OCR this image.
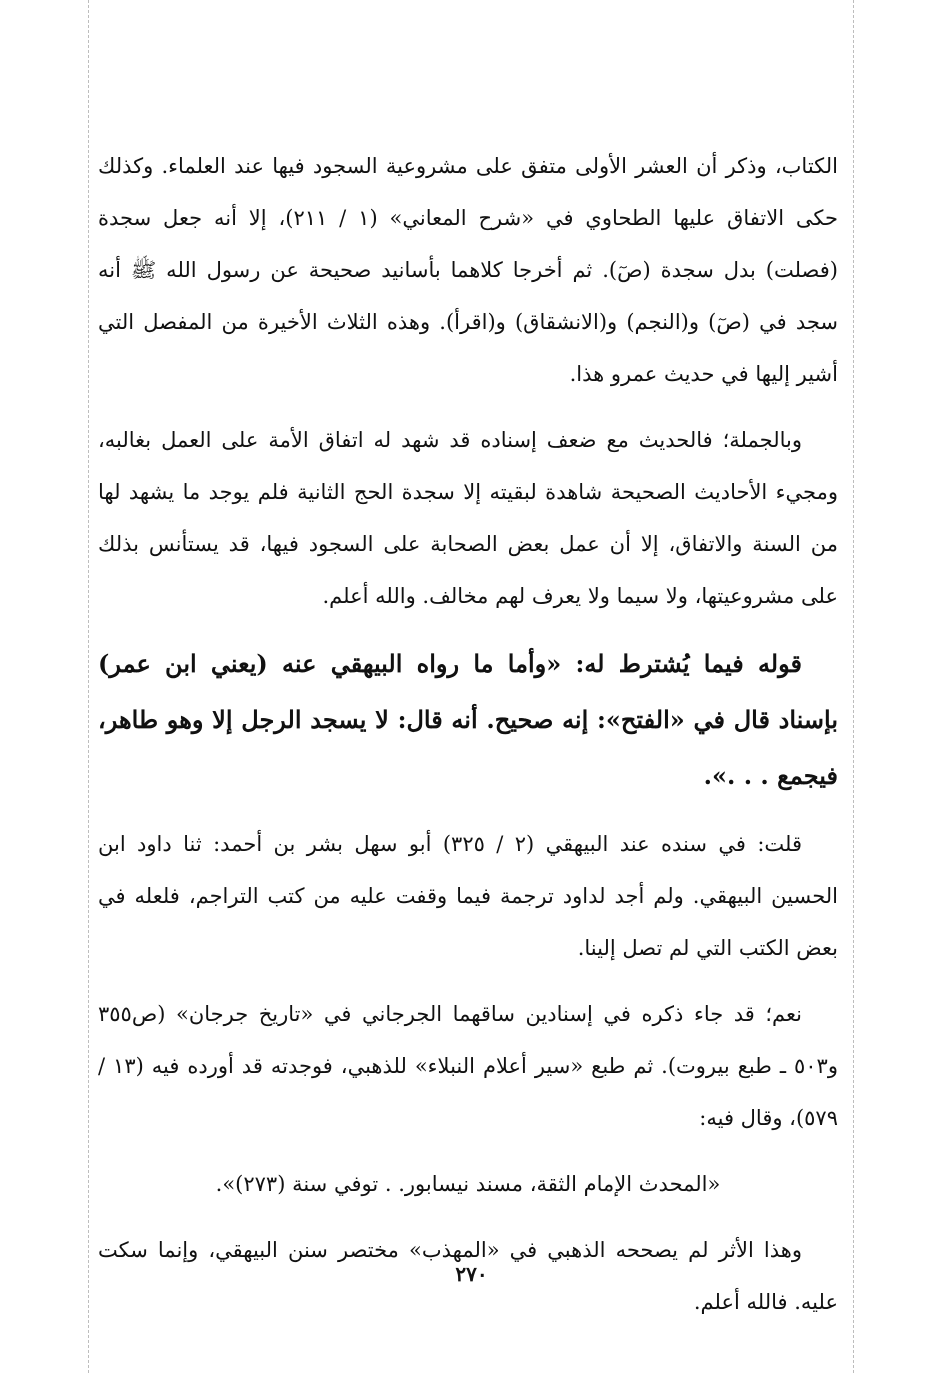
الكتاب، وذكر أن العشر الأولى متفق على مشروعية السجود فيها عند العلماء. وكذلك حكى الاتفاق عليها الطحاوي في «شرح المعاني» (١ / ٢١١)، إلا أنه جعل سجدة (فصلت) بدل سجدة (صٓ). ثم أخرجا كلاهما بأسانيد صحيحة عن رسول الله ﷺ أنه سجد في (صٓ) و(النجم) و(الانشقاق) و(اقرأ). وهذه الثلاث الأخيرة من المفصل التي أشير إليها في حديث عمرو هذا.

وبالجملة؛ فالحديث مع ضعف إسناده قد شهد له اتفاق الأمة على العمل بغالبه، ومجيء الأحاديث الصحيحة شاهدة لبقيته إلا سجدة الحج الثانية فلم يوجد ما يشهد لها من السنة والاتفاق، إلا أن عمل بعض الصحابة على السجود فيها، قد يستأنس بذلك على مشروعيتها، ولا سيما ولا يعرف لهم مخالف. والله أعلم.

قوله فيما يُشترط له: «وأما ما رواه البيهقي عنه (يعني ابن عمر) بإسناد قال في «الفتح»: إنه صحيح. أنه قال: لا يسجد الرجل إلا وهو طاهر، فيجمع . . .».

قلت: في سنده عند البيهقي (٢ / ٣٢٥) أبو سهل بشر بن أحمد: ثنا داود ابن الحسين البيهقي. ولم أجد لداود ترجمة فيما وقفت عليه من كتب التراجم، فلعله في بعض الكتب التي لم تصل إلينا.

نعم؛ قد جاء ذكره في إسنادين ساقهما الجرجاني في «تاريخ جرجان» (ص٣٥٥ و٥٠٣ ـ طبع بيروت). ثم طبع «سير أعلام النبلاء» للذهبي، فوجدته قد أورده فيه (١٣ / ٥٧٩)، وقال فيه:

«المحدث الإمام الثقة، مسند نيسابور. . توفي سنة (٢٧٣)».

وهذا الأثر لم يصححه الذهبي في «المهذب» مختصر سنن البيهقي، وإنما سكت عليه. فالله أعلم.

٢٧٠
